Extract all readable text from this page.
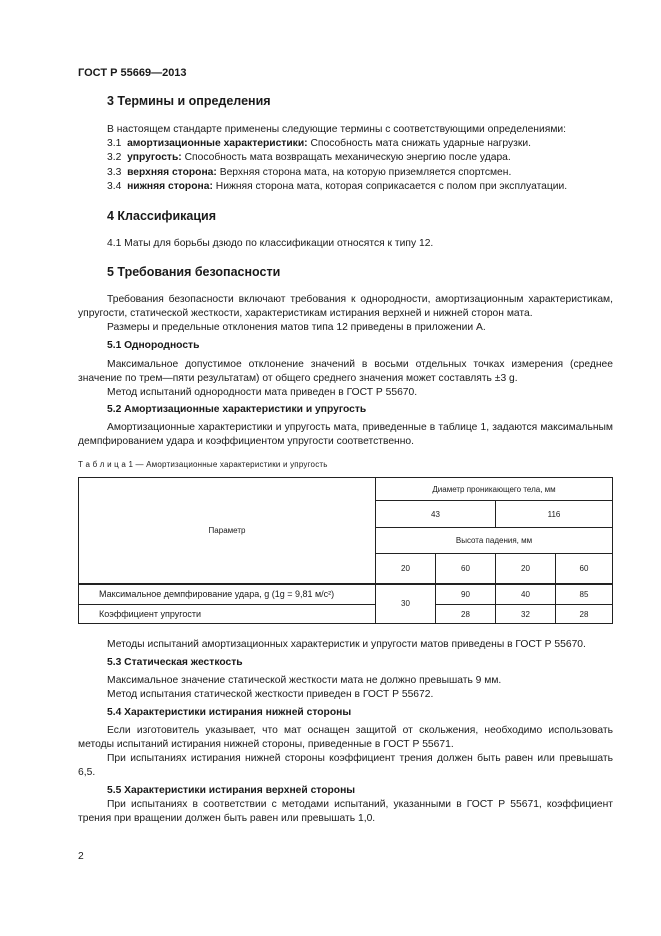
ГОСТ Р 55669—2013
3 Термины и определения
В настоящем стандарте применены следующие термины с соответствующими определениями:
3.1 амортизационные характеристики: Способность мата снижать ударные нагрузки.
3.2 упругость: Способность мата возвращать механическую энергию после удара.
3.3 верхняя сторона: Верхняя сторона мата, на которую приземляется спортсмен.
3.4 нижняя сторона: Нижняя сторона мата, которая соприкасается с полом при эксплуатации.
4 Классификация
4.1 Маты для борьбы дзюдо по классификации относятся к типу 12.
5 Требования безопасности
Требования безопасности включают требования к однородности, амортизационным характеристикам, упругости, статической жесткости, характеристикам истирания верхней и нижней сторон мата.
Размеры и предельные отклонения матов типа 12 приведены в приложении А.
5.1 Однородность
Максимальное допустимое отклонение значений в восьми отдельных точках измерения (среднее значение по трем—пяти результатам) от общего среднего значения может составлять ±3 g.
Метод испытаний однородности мата приведен в ГОСТ Р 55670.
5.2 Амортизационные характеристики и упругость
Амортизационные характеристики и упругость мата, приведенные в таблице 1, задаются максимальным демпфированием удара и коэффициентом упругости соответственно.
Т а б л и ц а 1 — Амортизационные характеристики и упругость
Параметр	Диаметр проникающего тела, мм			
	43		116	
	Высота падения, мм			
	20	60	20	60
Максимальное демпфирование удара, g (1g = 9,81 м/с²)	30	90	40	85
Коэффициент упругости		28	32	28
Методы испытаний амортизационных характеристик и упругости матов приведены в ГОСТ Р 55670.
5.3 Статическая жесткость
Максимальное значение статической жесткости мата не должно превышать 9 мм.
Метод испытания статической жесткости приведен в ГОСТ Р 55672.
5.4 Характеристики истирания нижней стороны
Если изготовитель указывает, что мат оснащен защитой от скольжения, необходимо использовать методы испытаний истирания нижней стороны, приведенные в ГОСТ Р 55671.
При испытаниях истирания нижней стороны коэффициент трения должен быть равен или превышать 6,5.
5.5 Характеристики истирания верхней стороны
При испытаниях в соответствии с методами испытаний, указанными в ГОСТ Р 55671, коэффициент трения при вращении должен быть равен или превышать 1,0.
2
